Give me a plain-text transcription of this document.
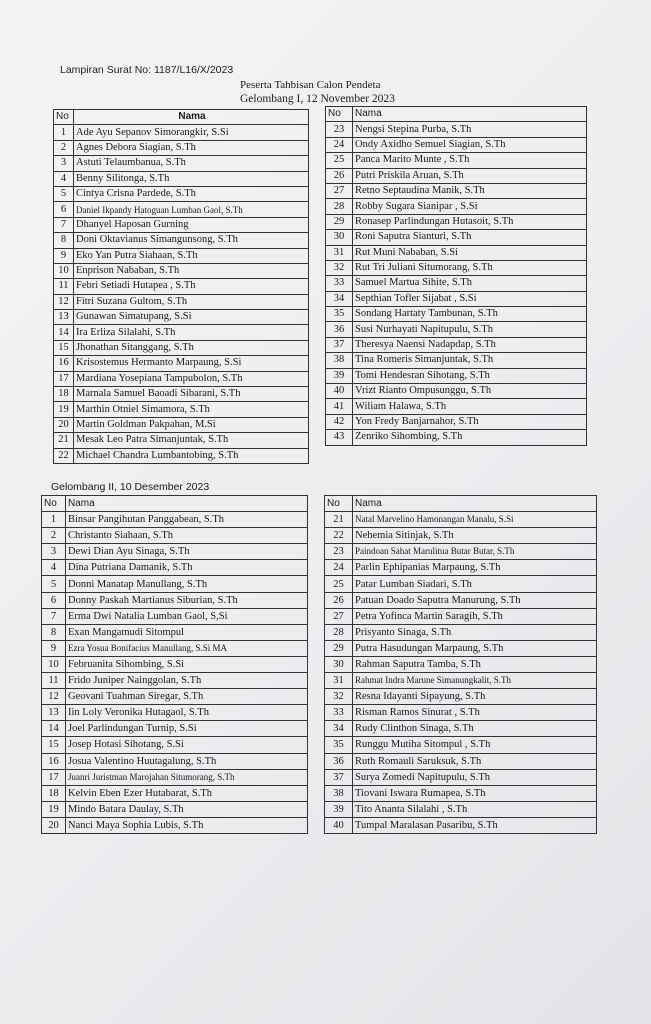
Lampiran Surat No: 1187/L16/X/2023
Peserta Tahbisan Calon Pendeta
Gelombang I, 12 November 2023
No	Nama
1	Ade Ayu Sepanov Simorangkir, S.Si
2	Agnes Debora Siagian, S.Th
3	Astuti Telaumbanua, S.Th
4	Benny Silitonga, S.Th
5	Cintya Crisna Pardede, S.Th
6	Daniel Ikpandy Hatoguan Lumban Gaol, S.Th
7	Dhanyel Haposan Gurning
8	Doni Oktavianus Simangunsong, S.Th
9	Eko Yan Putra Siahaan, S.Th
10	Enprison Nababan, S.Th
11	Febri Setiadi Hutapea , S.Th
12	Fitri Suzana Gultom, S.Th
13	Gunawan Simatupang, S.Si
14	Ira Erliza Silalahi, S.Th
15	Jhonathan Sitanggang, S.Th
16	Krisostemus Hermanto Marpaung, S.Si
17	Mardiana Yosepiana Tampubolon, S.Th
18	Marnala Samuel Baoadi Sibarani, S.Th
19	Marthin Otniel Simamora, S.Th
20	Martin Goldman Pakpahan, M.Si
21	Mesak Leo Patra Simanjuntak, S.Th
22	Michael Chandra Lumbantobing, S.Th
No	Nama
23	Nengsi Stepina Purba, S.Th
24	Ondy Axidho Semuel Siagian, S.Th
25	Panca Marito Munte , S.Th
26	Putri Priskila Aruan, S.Th
27	Retno Septaudina Manik, S.Th
28	Robby Sugara Sianipar , S.Si
29	Ronasep Parlindungan Hutasoit, S.Th
30	Roni Saputra Sianturi, S.Th
31	Rut Muni Nababan, S.Si
32	Rut Tri Juliani Situmorang, S.Th
33	Samuel Martua Sihite, S.Th
34	Septhian Tofler Sijabat , S.Si
35	Sondang Hartaty Tambunan, S.Th
36	Susi Nurhayati Napitupulu, S.Th
37	Theresya Naensi Nadapdap, S.Th
38	Tina Romeris Simanjuntak, S.Th
39	Tomi Hendesran Sihotang, S.Th
40	Vrizt Rianto Ompusunggu, S.Th
41	Wiliam Halawa, S.Th
42	Yon Fredy Banjarnahor, S.Th
43	Zenriko Sihombing, S.Th
Gelombang II, 10 Desember 2023
No	Nama
1	Binsar Pangihutan Panggabean, S.Th
2	Christanto Siahaan, S.Th
3	Dewi Dian Ayu Sinaga, S.Th
4	Dina Putriana Damanik, S.Th
5	Donni Manatap Manullang, S.Th
6	Donny Paskah Martianus Siburian, S.Th
7	Erma Dwi Natalia Lumban Gaol, S,Si
8	Exan Mangamudi Sitompul
9	Ezra Yosua Bonifacius Manullang, S.Si MA
10	Februanita Sihombing, S.Si
11	Frido Juniper Nainggolan, S.Th
12	Geovani Tuahman Siregar, S.Th
13	Iin Loly Veronika Hutagaol, S.Th
14	Joel Parlindungan Turnip, S.Si
15	Josep Hotasi Sihotang, S.Si
16	Josua Valentino Huutagalung, S.Th
17	Juanri Juristman Marojahan Situmorang, S.Th
18	Kelvin Eben Ezer Hutabarat, S.Th
19	Mindo Batara Daulay, S.Th
20	Nanci Maya Sophia Lubis, S.Th
No	Nama
21	Natal Marvelino Hamonangan Manalu, S.Si
22	Nehemia Sitinjak, S.Th
23	Paindoan Sahat Marulitua Butar Butar, S.Th
24	Parlin Ephipanias Marpaung, S.Th
25	Patar Lumban Siadari, S.Th
26	Patuan Doado Saputra Manurung, S.Th
27	Petra Yofinca Martin Saragih, S.Th
28	Prisyanto Sinaga, S.Th
29	Putra Hasudungan Marpaung, S.Th
30	Rahman Saputra Tamba, S.Th
31	Rahmat Indra Marune Simanungkalit, S.Th
32	Resna Idayanti Sipayung, S.Th
33	Risman Ramos Sinurat , S.Th
34	Rudy Clinthon Sinaga, S.Th
35	Runggu Mutiha Sitompul , S.Th
36	Ruth Romauli Saruksuk, S.Th
37	Surya Zomedi Napitupulu, S.Th
38	Tiovani Iswara Rumapea, S.Th
39	Tito Ananta Silalahi , S.Th
40	Tumpal Maralasan Pasaribu, S.Th
